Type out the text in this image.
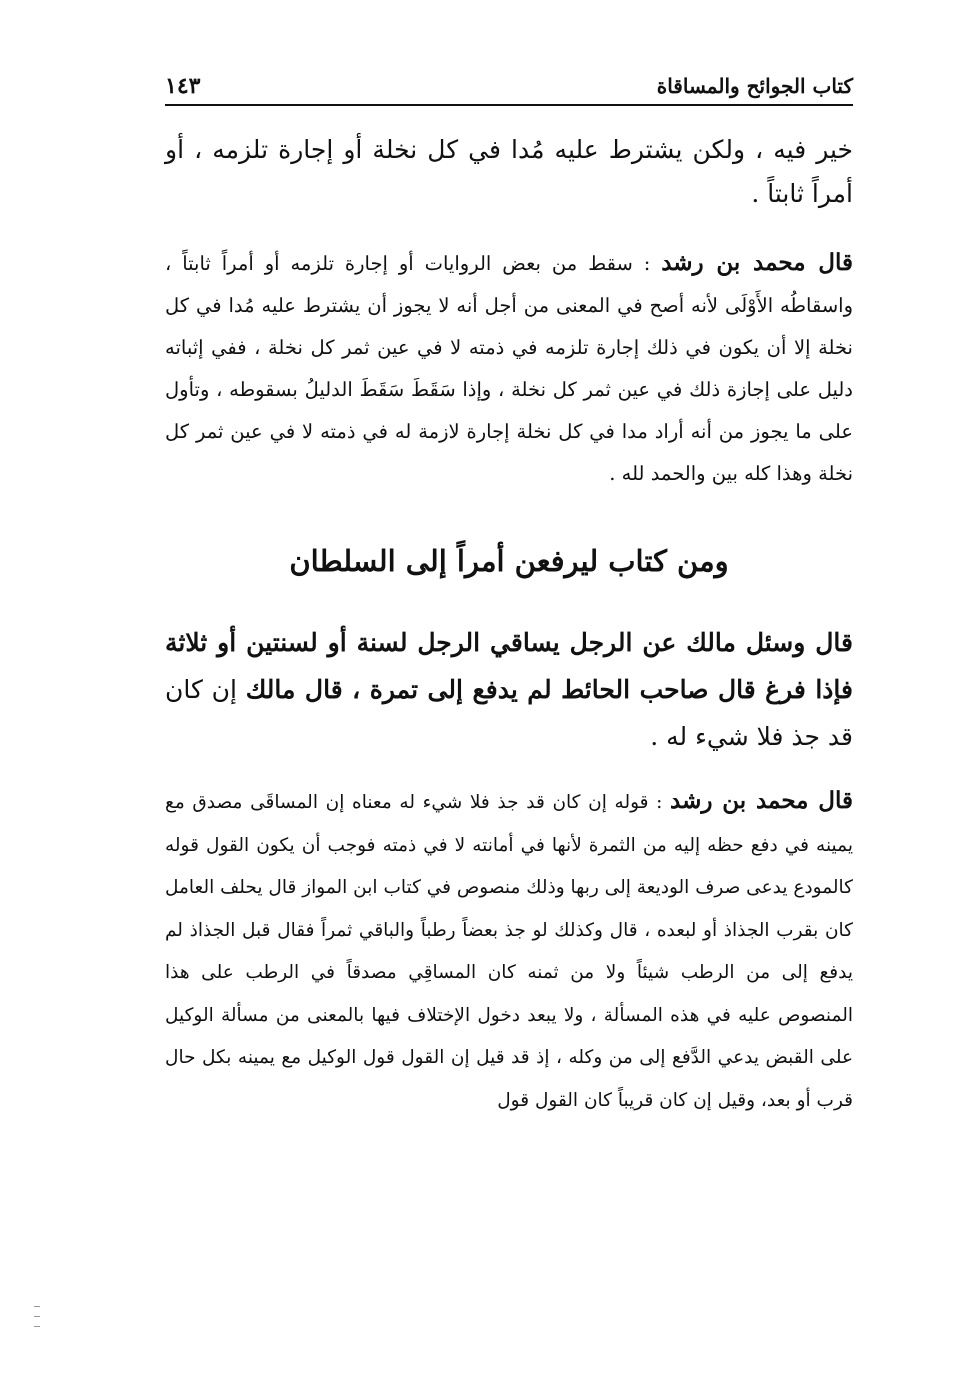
كتاب الجوائح والمساقاة
١٤٣

خير فيه ، ولكن يشترط عليه مُدا في كل نخلة أو إجارة تلزمه ، أو أمراً ثابتاً .

قال محمد بن رشد : سقط من بعض الروايات أو إجارة تلزمه أو أمراً ثابتاً ، واسقاطُه الأَوْلَى لأنه أصح في المعنى من أجل أنه لا يجوز أن يشترط عليه مُدا في كل نخلة إلا أن يكون في ذلك إجارة تلزمه في ذمته لا في عين ثمر كل نخلة ، ففي إثباته دليل على إجازة ذلك في عين ثمر كل نخلة ، وإذا سَقَطَ سَقَطَ الدليلُ بسقوطه ، وتأول على ما يجوز من أنه أراد مدا في كل نخلة إجارة لازمة له في ذمته لا في عين ثمر كل نخلة وهذا كله بين والحمد لله .

ومن كتاب ليرفعن أمراً إلى السلطان

قال وسئل مالك عن الرجل يساقي الرجل لسنة أو لسنتين أو ثلاثة فإذا فرغ قال صاحب الحائط لم يدفع إلى تمرة ، قال مالك إن كان قد جذ فلا شيء له .

قال محمد بن رشد : قوله إن كان قد جذ فلا شيء له معناه إن المساقَى مصدق مع يمينه في دفع حظه إليه من الثمرة لأنها في أمانته لا في ذمته فوجب أن يكون القول قوله كالمودع يدعى صرف الوديعة إلى ربها وذلك منصوص في كتاب ابن المواز قال يحلف العامل كان بقرب الجذاذ أو لبعده ، قال وكذلك لو جذ بعضاً رطباً والباقي ثمراً فقال قبل الجذاذ لم يدفع إلى من الرطب شيئاً ولا من ثمنه كان المساقِي مصدقاً في الرطب على هذا المنصوص عليه في هذه المسألة ، ولا يبعد دخول الإختلاف فيها بالمعنى من مسألة الوكيل على القبض يدعي الدَّفع إلى من وكله ، إذ قد قيل إن القول قول الوكيل مع يمينه بكل حال قرب أو بعد، وقيل إن كان قريباً كان القول قول
